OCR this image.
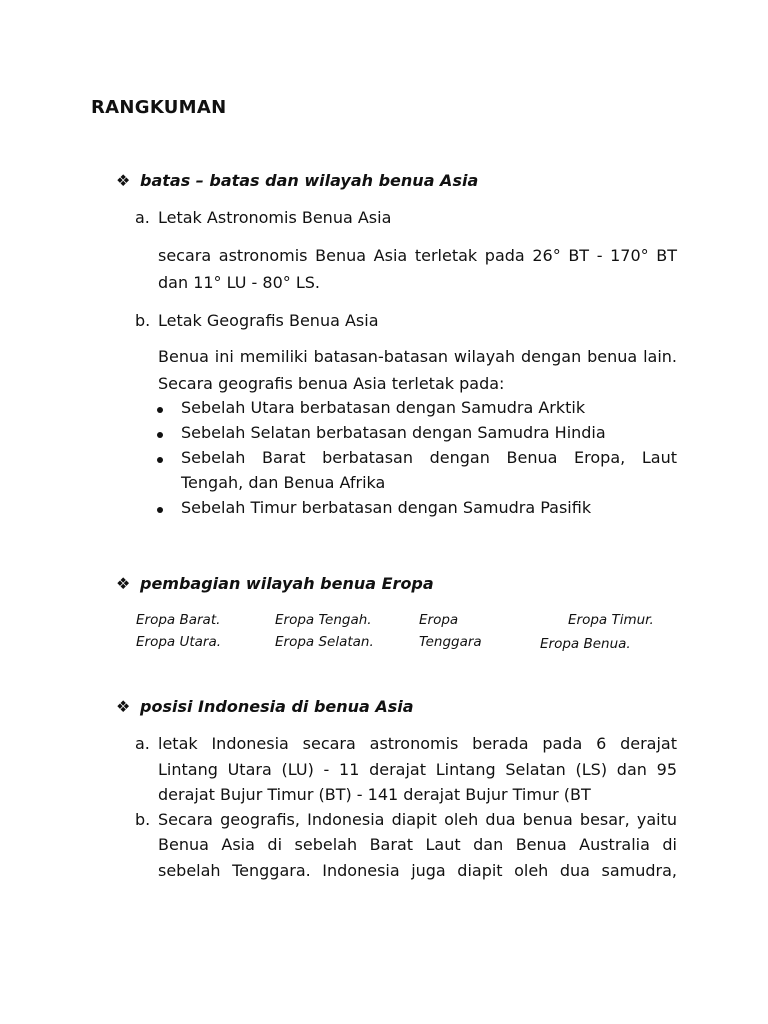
RANGKUMAN
❖ batas – batas dan wilayah benua Asia
a. Letak Astronomis Benua Asia
secara astronomis Benua Asia terletak pada 26° BT - 170° BT
dan 11° LU - 80° LS.
b. Letak Geografis Benua Asia
Benua ini memiliki batasan-batasan wilayah dengan benua lain.
Secara geografis benua Asia terletak pada:
Sebelah Utara berbatasan dengan Samudra Arktik
Sebelah Selatan berbatasan dengan Samudra Hindia
Sebelah Barat berbatasan dengan Benua Eropa, Laut
Tengah, dan Benua Afrika
Sebelah Timur berbatasan dengan Samudra Pasifik
❖ pembagian wilayah benua Eropa
Eropa Barat.	Eropa Tengah.	Eropa	Eropa Timur.
Eropa Utara.	Eropa Selatan.	Tenggara	Eropa Benua.
❖ posisi Indonesia di benua Asia
a. letak Indonesia secara astronomis berada pada 6 derajat
Lintang Utara (LU) - 11 derajat Lintang Selatan (LS) dan 95
derajat Bujur Timur (BT) - 141 derajat Bujur Timur (BT
b. Secara geografis, Indonesia diapit oleh dua benua besar, yaitu
Benua Asia di sebelah Barat Laut dan Benua Australia di
sebelah Tenggara. Indonesia juga diapit oleh dua samudra,
